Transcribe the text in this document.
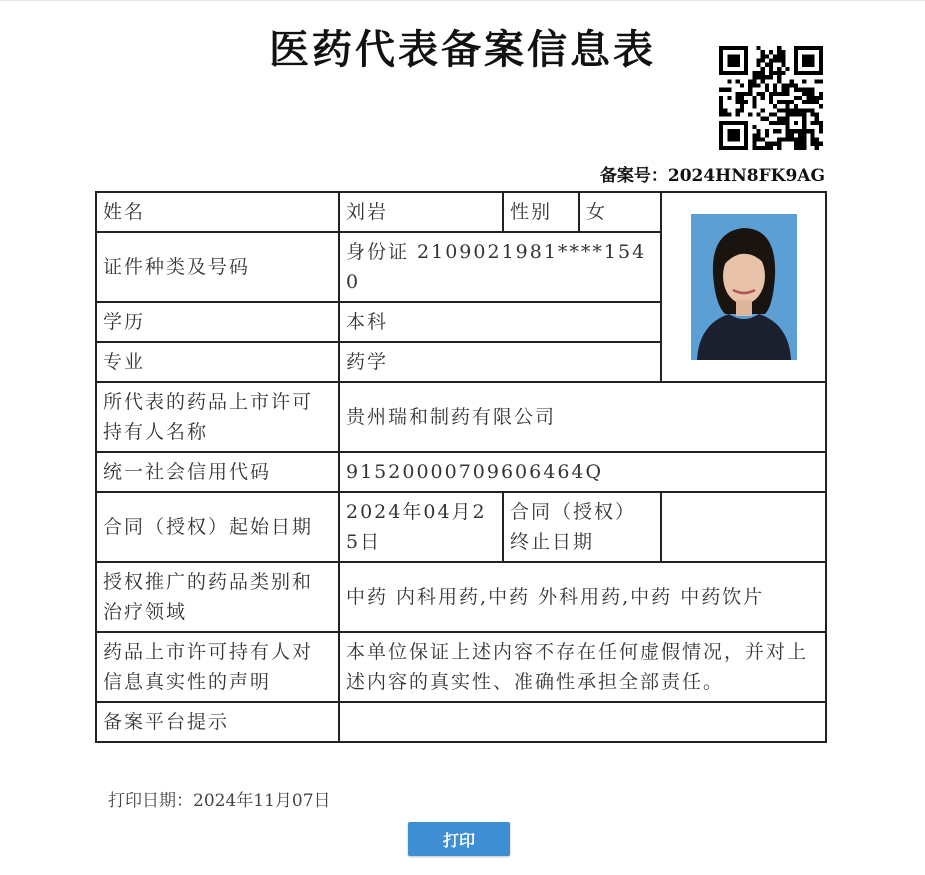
医药代表备案信息表
备案号：2024HN8FK9AG
姓名	刘岩	性别	女	
证件种类及号码	身份证 2109021981****1540			
学历	本科			
专业	药学			
所代表的药品上市许可持有人名称	贵州瑞和制药有限公司			
统一社会信用代码	91520000709606464Q			
合同（授权）起始日期	2024年04月25日	合同（授权）终止日期		
授权推广的药品类别和治疗领域	中药 内科用药,中药 外科用药,中药 中药饮片			
药品上市许可持有人对信息真实性的声明	本单位保证上述内容不存在任何虚假情况，并对上述内容的真实性、准确性承担全部责任。			
备案平台提示				
打印日期：2024年11月07日
打印
